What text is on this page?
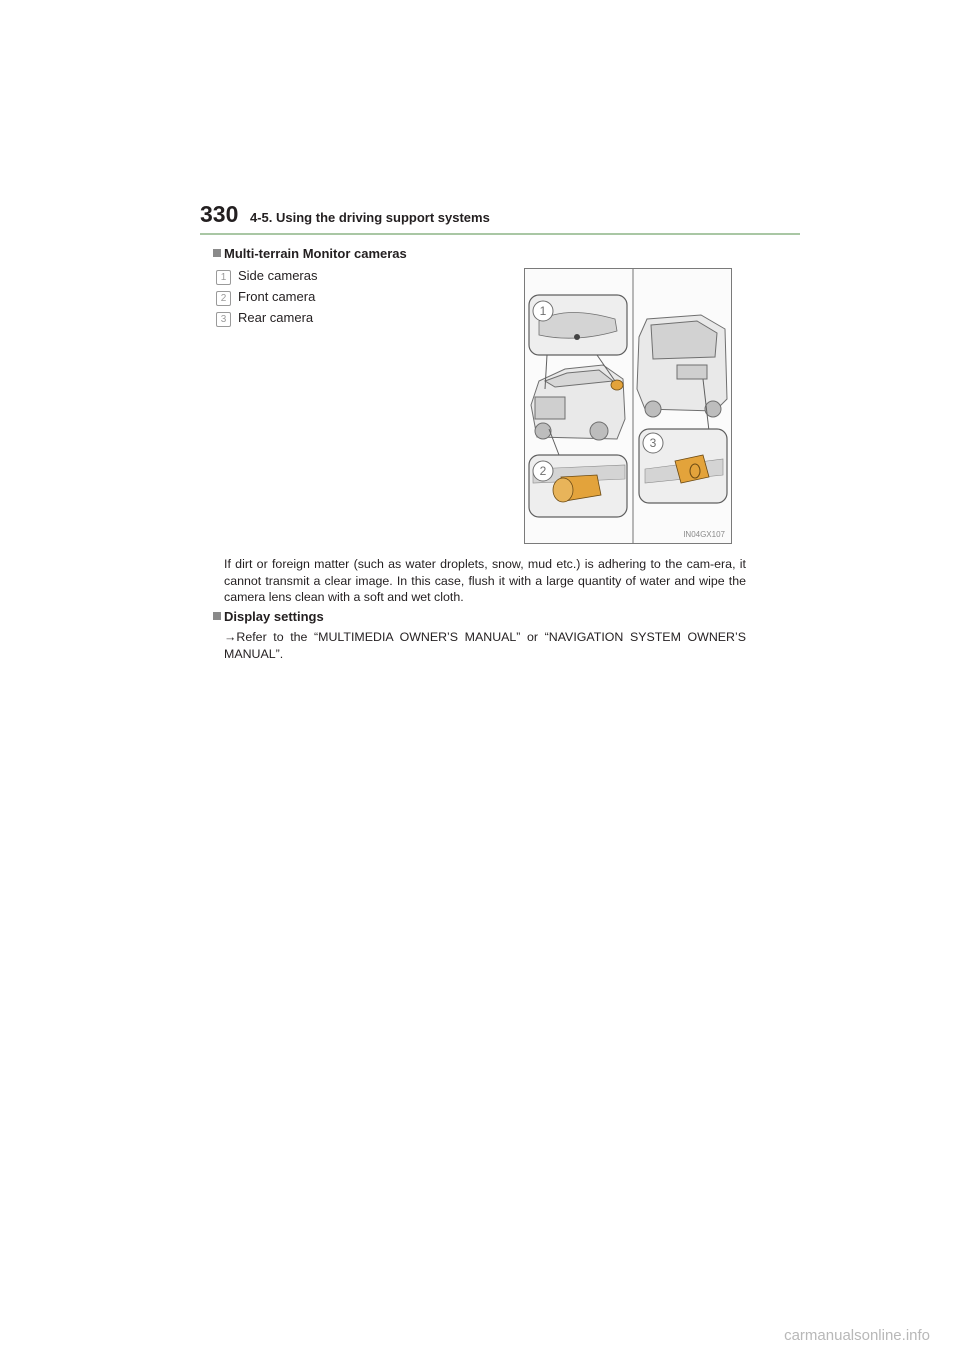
330 4-5. Using the driving support systems
Multi-terrain Monitor cameras
1 Side cameras
2 Front camera
3 Rear camera	1
2
3
IN04GX107
If dirt or foreign matter (such as water droplets, snow, mud etc.) is adhering to the cam-era, it cannot transmit a clear image. In this case, flush it with a large quantity of water and wipe the camera lens clean with a soft and wet cloth.
Display settings
→Refer to the “MULTIMEDIA OWNER’S MANUAL” or “NAVIGATION SYSTEM OWNER’S MANUAL”.
carmanualsonline.info
